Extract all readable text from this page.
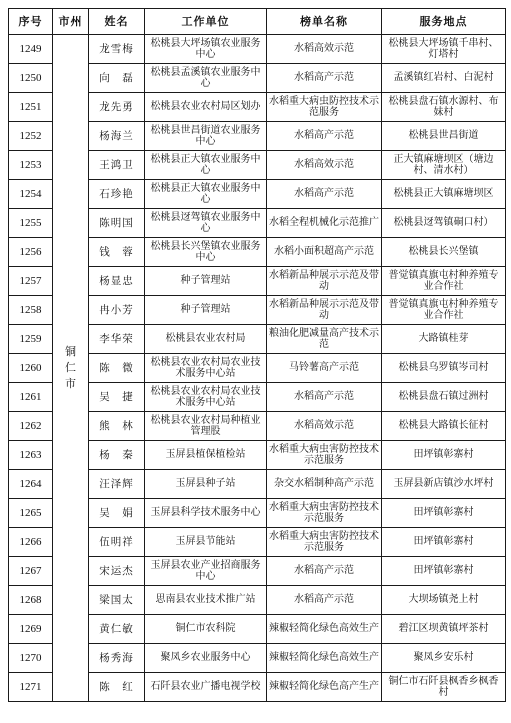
序号	市州	姓名	工作单位	榜单名称	服务地点
1249	铜仁市	龙雪梅	松桃县大坪场镇农业服务中心	水稻高效示范	松桃县大坪场镇千串村、灯塔村
1250		向　磊	松桃县孟溪镇农业服务中心	水稻高产示范	孟溪镇红岩村、白泥村
1251		龙先勇	松桃县农业农村局区划办	水稻重大病虫防控技术示范服务	松桃县盘石镇水源村、布妹村
1252		杨海兰	松桃县世昌街道农业服务中心	水稻高产示范	松桃县世昌街道
1253		王鸿卫	松桃县正大镇农业服务中心	水稻高效示范	正大镇麻塘坝区（塘边村、清水村）
1254		石珍艳	松桃县正大镇农业服务中心	水稻高产示范	松桃县正大镇麻塘坝区
1255		陈明国	松桃县迓驾镇农业服务中心	水稻全程机械化示范推广	松桃县迓驾镇硐口村）
1256		钱　蓉	松桃县长兴堡镇农业服务中心	水稻小面积超高产示范	松桃县长兴堡镇
1257		杨显忠	种子管理站	水稻新品种展示示范及带动	普觉镇真旗屯村种养殖专业合作社
1258		冉小芳	种子管理站	水稻新品种展示示范及带动	普觉镇真旗屯村种养殖专业合作社
1259		李华荣	松桃县农业农村局	粮油化肥减量高产技术示范	大路镇桂芽
1260		陈　微	松桃县农业农村局农业技术服务中心站	马铃薯高产示范	松桃县乌罗镇岑司村
1261		吴　捷	松桃县农业农村局农业技术服务中心站	水稻高产示范	松桃县盘石镇过洲村
1262		熊　林	松桃县农业农村局种植业管理股	水稻高效示范	松桃县大路镇长征村
1263		杨　秦	玉屏县植保植检站	水稻重大病虫害防控技术示范服务	田坪镇彰寨村
1264		汪泽辉	玉屏县种子站	杂交水稻制种高产示范	玉屏县新店镇沙水坪村
1265		吴　娟	玉屏县科学技术服务中心	水稻重大病虫害防控技术示范服务	田坪镇彰寨村
1266		伍明祥	玉屏县节能站	水稻重大病虫害防控技术示范服务	田坪镇彰寨村
1267		宋运杰	玉屏县农业产业招商服务中心	水稻高产示范	田坪镇彰寨村
1268		梁国太	思南县农业技术推广站	水稻高产示范	大坝场镇尧上村
1269		黄仁敏	铜仁市农科院	辣椒轻简化绿色高效生产	碧江区坝黄镇坪茶村
1270		杨秀海	聚凤乡农业服务中心	辣椒轻简化绿色高效生产	聚凤乡安乐村
1271		陈　红	石阡县农业广播电视学校	辣椒轻简化绿色高产生产	铜仁市石阡县枫香乡枫香村
